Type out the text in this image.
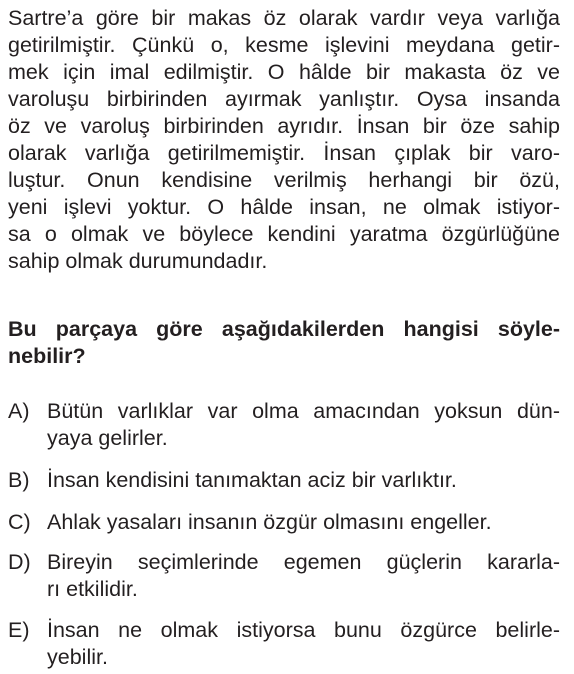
Sartre’a göre bir makas öz olarak vardır veya varlığa
getirilmiştir. Çünkü o, kesme işlevini meydana getir-
mek için imal edilmiştir. O hâlde bir makasta öz ve
varoluşu birbirinden ayırmak yanlıştır. Oysa insanda
öz ve varoluş birbirinden ayrıdır. İnsan bir öze sahip
olarak varlığa getirilmemiştir. İnsan çıplak bir varo-
luştur. Onun kendisine verilmiş herhangi bir özü,
yeni işlevi yoktur. O hâlde insan, ne olmak istiyor-
sa o olmak ve böylece kendini yaratma özgürlüğüne
sahip olmak durumundadır.
Bu parçaya göre aşağıdakilerden hangisi söyle-
nebilir?
A) Bütün varlıklar var olma amacından yoksun dün-
yaya gelirler.
B) İnsan kendisini tanımaktan aciz bir varlıktır.
C) Ahlak yasaları insanın özgür olmasını engeller.
D) Bireyin seçimlerinde egemen güçlerin kararla-
rı etkilidir.
E) İnsan ne olmak istiyorsa bunu özgürce belirle-
yebilir.
